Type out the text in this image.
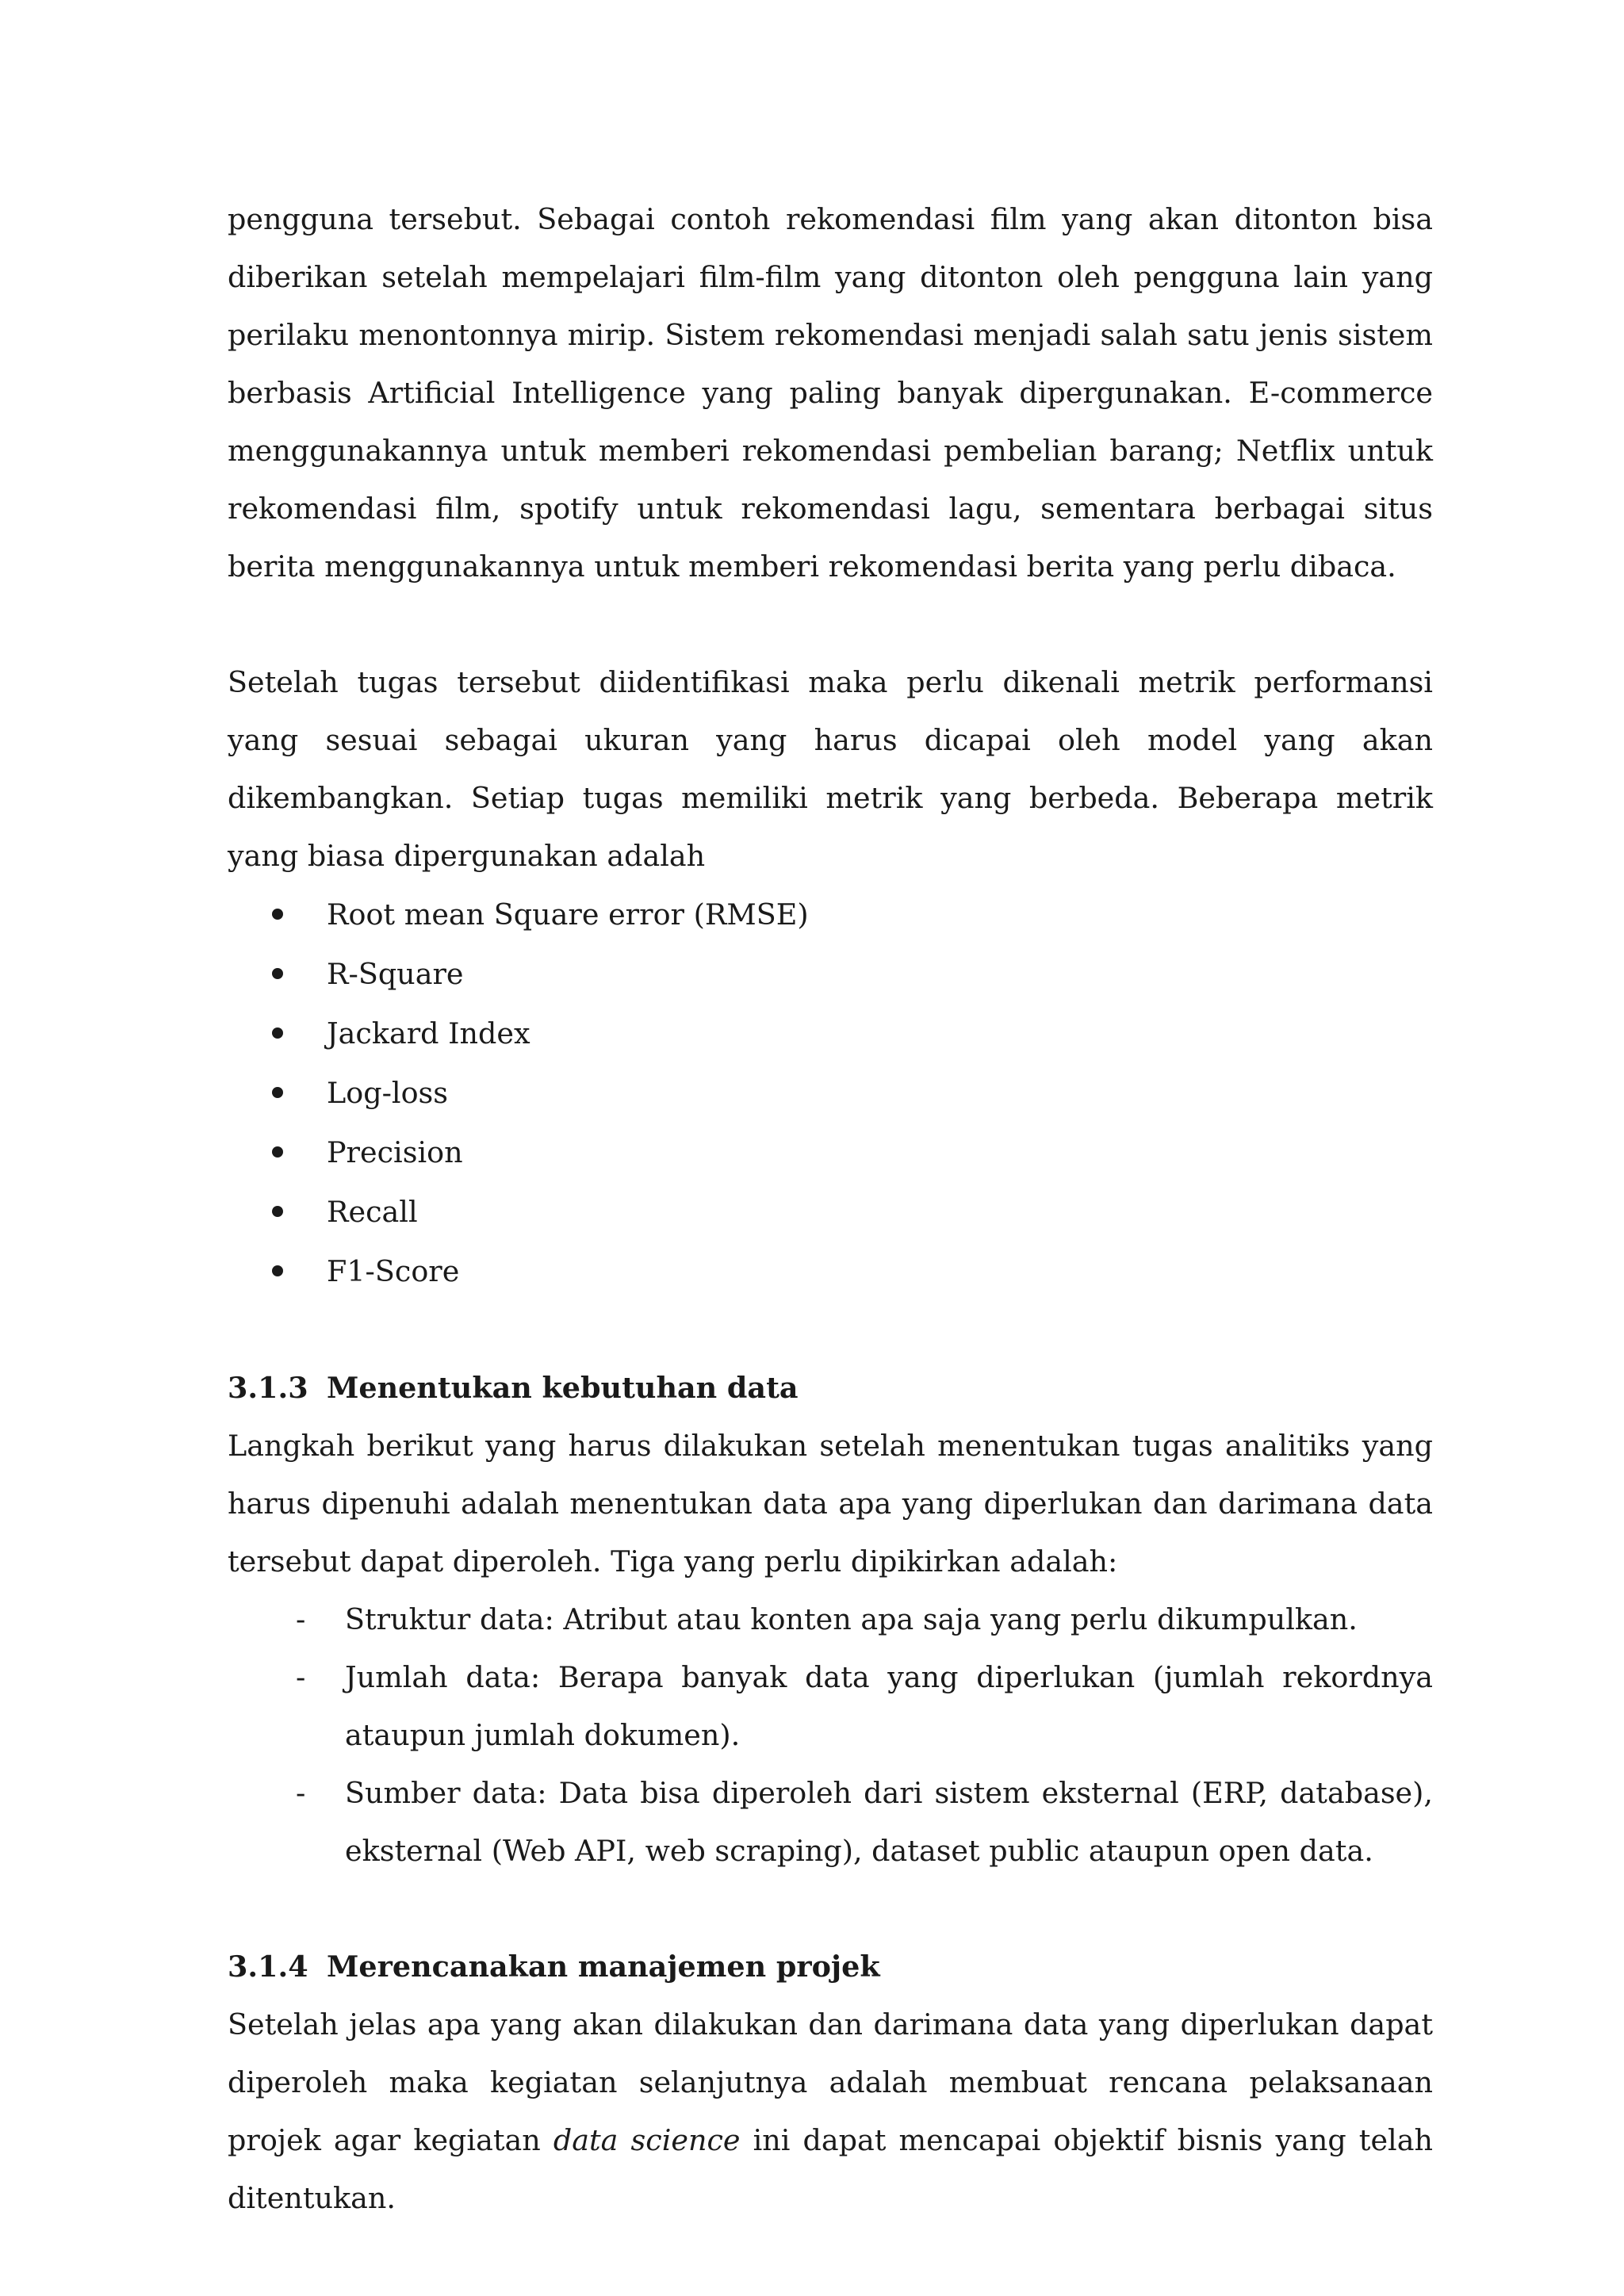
pengguna tersebut. Sebagai contoh rekomendasi film yang akan ditonton bisa diberikan setelah mempelajari film-film yang ditonton oleh pengguna lain yang perilaku menontonnya mirip. Sistem rekomendasi menjadi salah satu jenis sistem berbasis Artificial Intelligence yang paling banyak dipergunakan. E-commerce menggunakannya untuk memberi rekomendasi pembelian barang; Netflix untuk rekomendasi film, spotify untuk rekomendasi lagu, sementara berbagai situs berita menggunakannya untuk memberi rekomendasi berita yang perlu dibaca.

Setelah tugas tersebut diidentifikasi maka perlu dikenali metrik performansi yang sesuai sebagai ukuran yang harus dicapai oleh model yang akan dikembangkan. Setiap tugas memiliki metrik yang berbeda. Beberapa metrik yang biasa dipergunakan adalah

Root mean Square error (RMSE)
R-Square
Jackard Index
Log-loss
Precision
Recall
F1-Score
3.1.3 Menentukan kebutuhan data

Langkah berikut yang harus dilakukan setelah menentukan tugas analitiks yang harus dipenuhi adalah menentukan data apa yang diperlukan dan darimana data tersebut dapat diperoleh. Tiga yang perlu dipikirkan adalah:

- Struktur data: Atribut atau konten apa saja yang perlu dikumpulkan.
- Jumlah data: Berapa banyak data yang diperlukan (jumlah rekordnya ataupun jumlah dokumen).
- Sumber data: Data bisa diperoleh dari sistem eksternal (ERP, database), eksternal (Web API, web scraping), dataset public ataupun open data.
3.1.4 Merencanakan manajemen projek

Setelah jelas apa yang akan dilakukan dan darimana data yang diperlukan dapat diperoleh maka kegiatan selanjutnya adalah membuat rencana pelaksanaan projek agar kegiatan data science ini dapat mencapai objektif bisnis yang telah ditentukan.
